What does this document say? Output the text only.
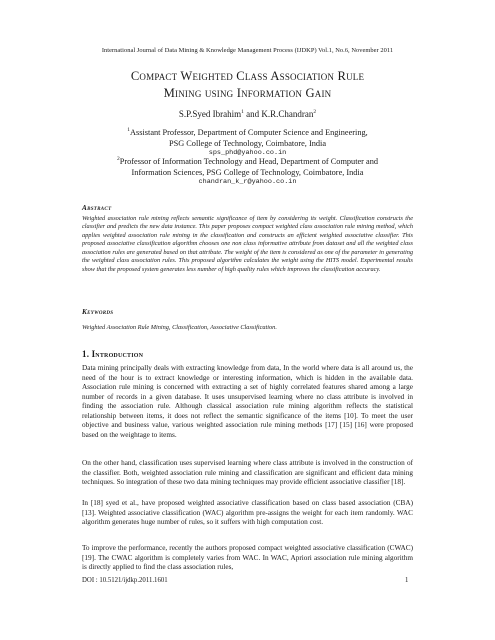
International Journal of Data Mining & Knowledge Management Process (IJDKP) Vol.1, No.6, November 2011
Compact Weighted Class Association Rule
Mining using Information Gain
S.P.Syed Ibrahim$^1$ and K.R.Chandran$^2$
$^1$Assistant Professor, Department of Computer Science and Engineering,
PSG College of Technology, Coimbatore, India
sps_phd@yahoo.co.in
$^2$Professor of Information Technology and Head, Department of Computer and
Information Sciences, PSG College of Technology, Coimbatore, India
chandran_k_r@yahoo.co.in
Abstract

Weighted association rule mining reflects semantic significance of item by considering its weight. Classification constructs the classifier and predicts the new data instance. This paper proposes compact weighted class association rule mining method, which applies weighted association rule mining in the classification and constructs an efficient weighted associative classifier. This proposed associative classification algorithm chooses one non class informative attribute from dataset and all the weighted class association rules are generated based on that attribute. The weight of the item is considered as one of the parameter in generating the weighted class association rules. This proposed algorithm calculates the weight using the HITS model. Experimental results show that the proposed system generates less number of high quality rules which improves the classification accuracy.

Keywords

Weighted Association Rule Mining, Classification, Associative Classification.

1. Introduction

Data mining principally deals with extracting knowledge from data, In the world where data is all around us, the need of the hour is to extract knowledge or interesting information, which is hidden in the available data. Association rule mining is concerned with extracting a set of highly correlated features shared among a large number of records in a given database. It uses unsupervised learning where no class attribute is involved in finding the association rule. Although classical association rule mining algorithm reflects the statistical relationship between items, it does not reflect the semantic significance of the items [10]. To meet the user objective and business value, various weighted association rule mining methods [17] [15] [16] were proposed based on the weightage to items.

On the other hand, classification uses supervised learning where class attribute is involved in the construction of the classifier. Both, weighted association rule mining and classification are significant and efficient data mining techniques. So integration of these two data mining techniques may provide efficient associative classifier [18].

In [18] syed et al., have proposed weighted associative classification based on class based association (CBA) [13]. Weighted associative classification (WAC) algorithm pre-assigns the weight for each item randomly. WAC algorithm generates huge number of rules, so it suffers with high computation cost.

To improve the performance, recently the authors proposed compact weighted associative classification (CWAC) [19]. The CWAC algorithm is completely varies from WAC. In WAC, Apriori association rule mining algorithm is directly applied to find the class association rules,

DOI : 10.5121/ijdkp.2011.1601	1
